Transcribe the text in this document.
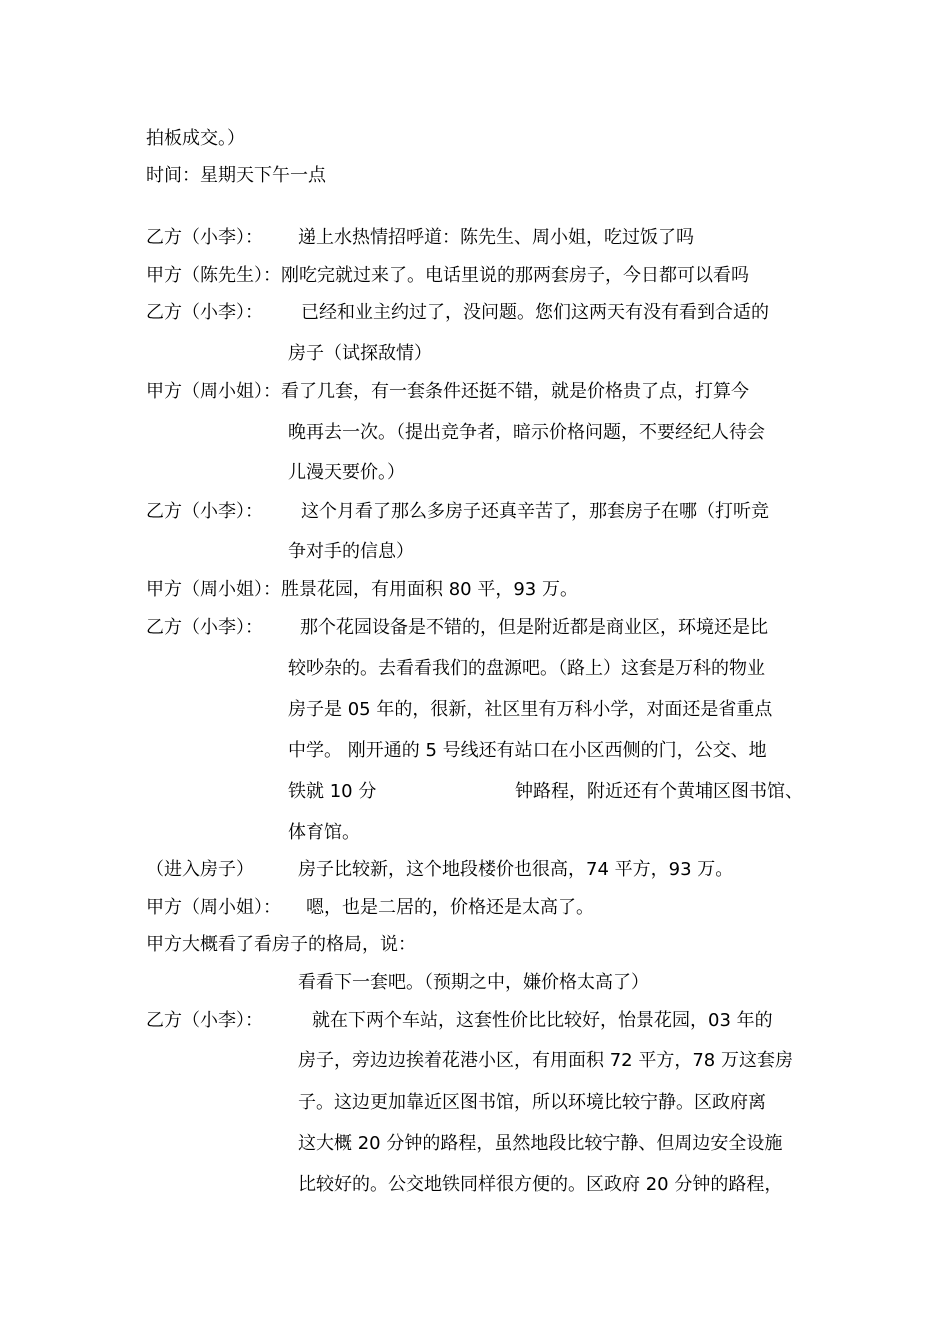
拍板成交。）

时间：星期天下午一点

乙方（小李）： 递上水热情招呼道：陈先生、周小姐，吃过饭了吗

甲方（陈先生）：刚吃完就过来了。电话里说的那两套房子，今日都可以看吗

乙方（小李）： 已经和业主约过了，没问题。您们这两天有没有看到合适的

房子（试探敌情）

甲方（周小姐）：看了几套，有一套条件还挺不错，就是价格贵了点，打算今

晚再去一次。（提出竞争者，暗示价格问题，不要经纪人待会

儿漫天要价。）

乙方（小李）： 这个月看了那么多房子还真辛苦了，那套房子在哪（打听竞

争对手的信息）

甲方（周小姐）：胜景花园，有用面积 80 平，93 万。

乙方（小李）： 那个花园设备是不错的，但是附近都是商业区，环境还是比

较吵杂的。去看看我们的盘源吧。（路上）这套是万科的物业

房子是 05 年的，很新，社区里有万科小学，对面还是省重点

中学。 刚开通的 5 号线还有站口在小区西侧的门，公交、地

铁就 10 分	钟路程，附近还有个黄埔区图书馆、

体育馆。

（进入房子） 房子比较新，这个地段楼价也很高，74 平方，93 万。

甲方（周小姐）： 嗯，也是二居的，价格还是太高了。

甲方大概看了看房子的格局，说：

看看下一套吧。（预期之中，嫌价格太高了）

乙方（小李）：	就在下两个车站，这套性价比比较好，怡景花园，03 年的

房子，旁边边挨着花港小区，有用面积 72 平方，78 万这套房

子。这边更加靠近区图书馆，所以环境比较宁静。区政府离

这大概 20 分钟的路程，虽然地段比较宁静、但周边安全设施

比较好的。公交地铁同样很方便的。区政府 20 分钟的路程，
